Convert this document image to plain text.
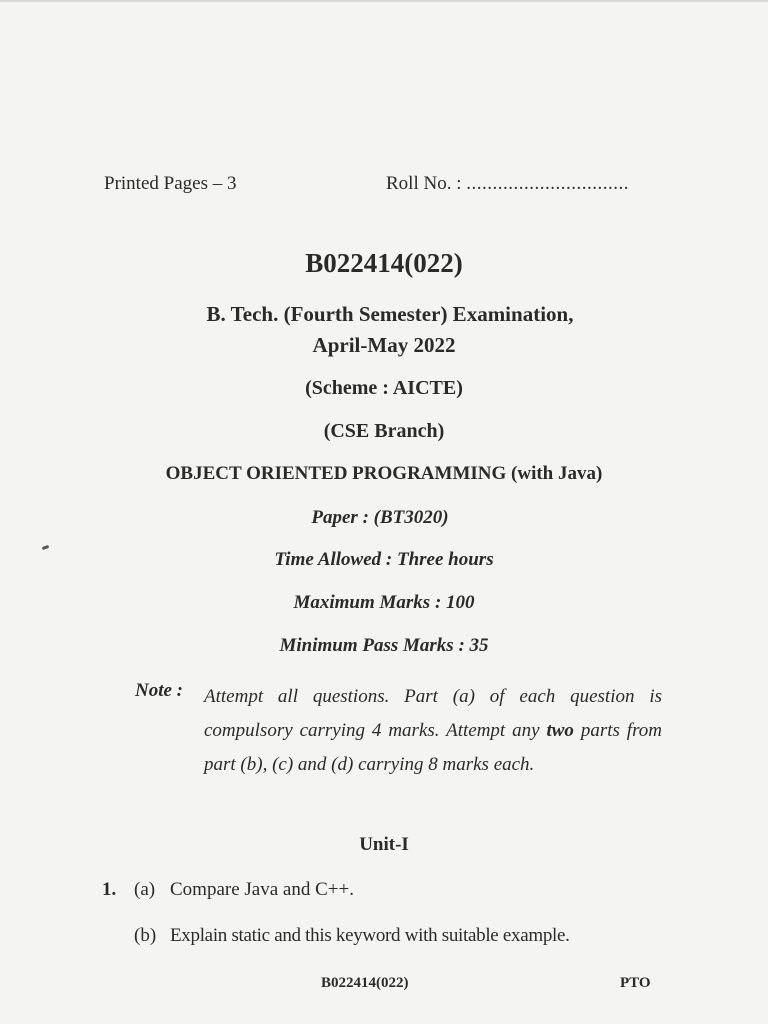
Printed Pages – 3	Roll No. : ...............................
B022414(022)
B. Tech. (Fourth Semester) Examination,
April-May 2022
(Scheme : AICTE)
(CSE Branch)
OBJECT ORIENTED PROGRAMMING (with Java)
Paper : (BT3020)
Time Allowed : Three hours
Maximum Marks : 100
Minimum Pass Marks : 35
Note : Attempt all questions. Part (a) of each question is compulsory carrying 4 marks. Attempt any two parts from part (b), (c) and (d) carrying 8 marks each.
Unit-I
1. (a) Compare Java and C++.
(b) Explain static and this keyword with suitable example.
B022414(022)	PTO
